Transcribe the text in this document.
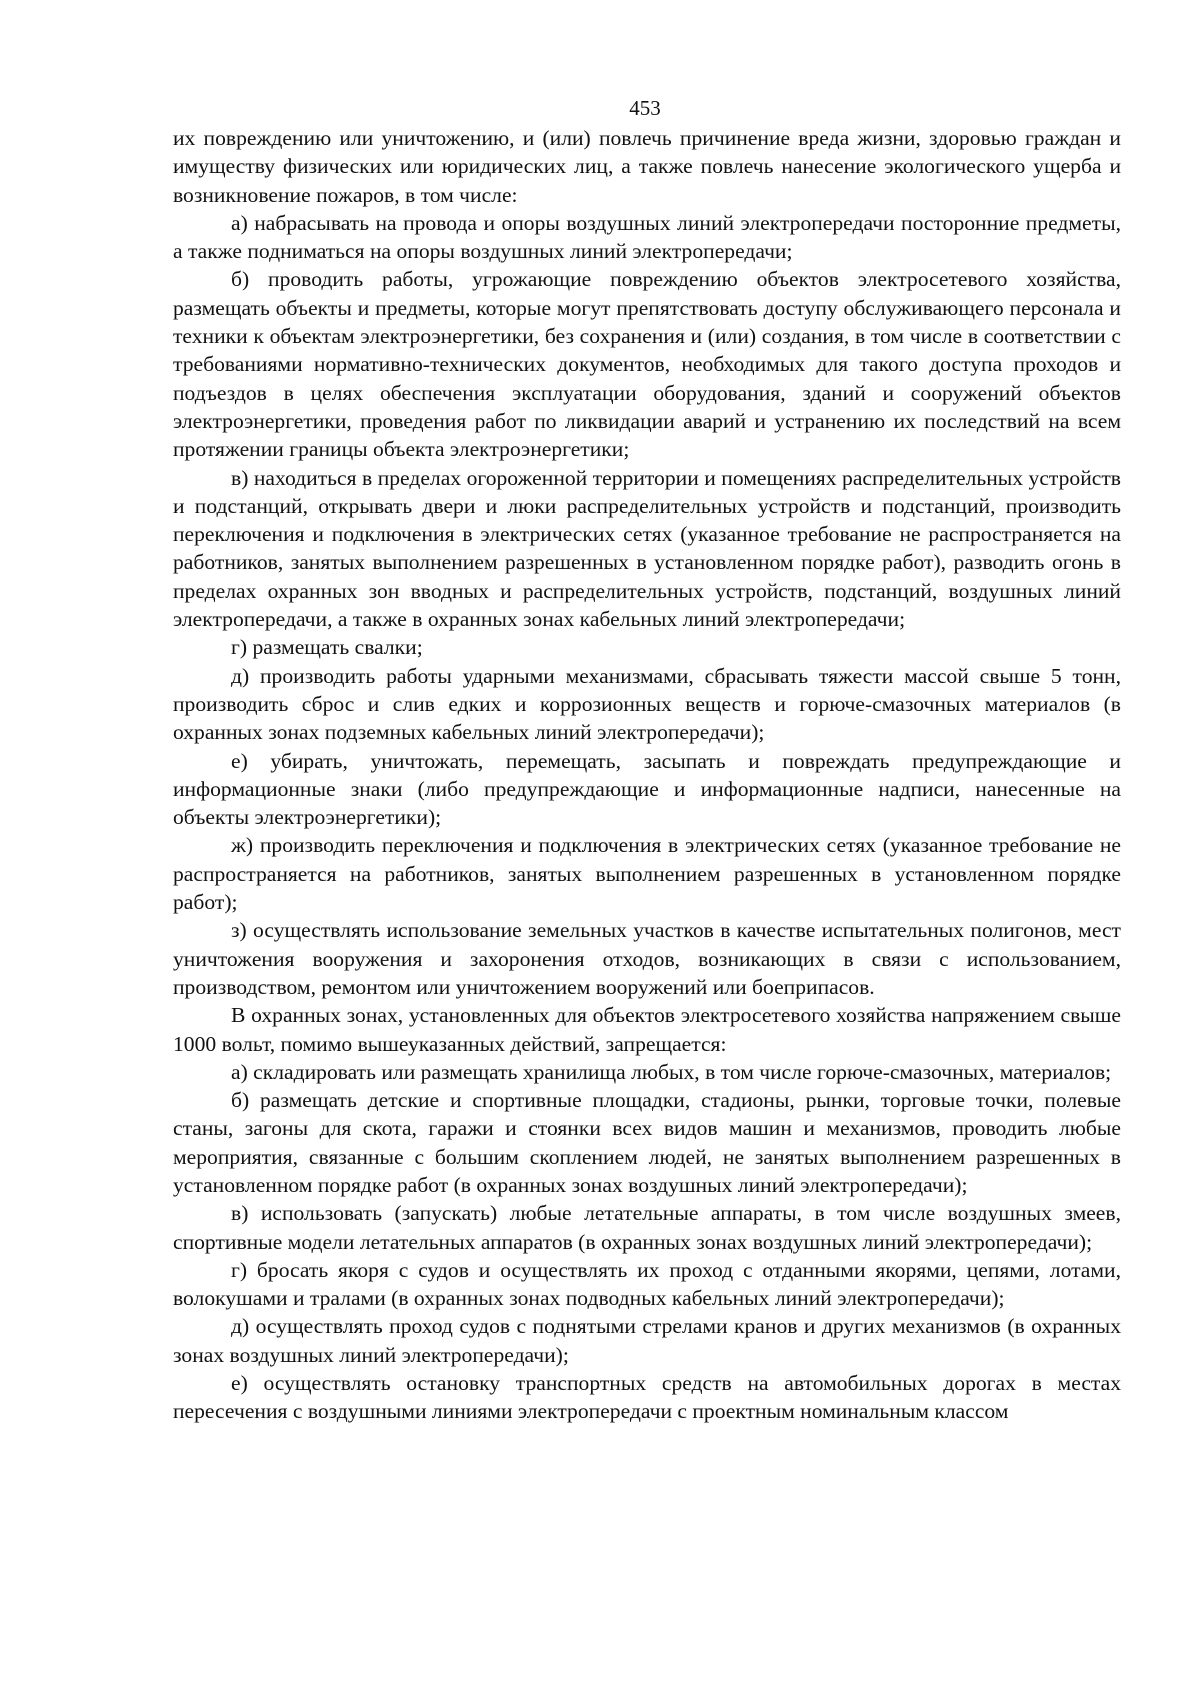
453

их повреждению или уничтожению, и (или) повлечь причинение вреда жизни, здоровью граждан и имуществу физических или юридических лиц, а также повлечь нанесение экологического ущерба и возникновение пожаров, в том числе:

а) набрасывать на провода и опоры воздушных линий электропередачи посторонние предметы, а также подниматься на опоры воздушных линий электропередачи;

б) проводить работы, угрожающие повреждению объектов электросетевого хозяйства, размещать объекты и предметы, которые могут препятствовать доступу обслуживающего персонала и техники к объектам электроэнергетики, без сохранения и (или) создания, в том числе в соответствии с требованиями нормативно-технических документов, необходимых для такого доступа проходов и подъездов в целях обеспечения эксплуатации оборудования, зданий и сооружений объектов электроэнергетики, проведения работ по ликвидации аварий и устранению их последствий на всем протяжении границы объекта электроэнергетики;

в) находиться в пределах огороженной территории и помещениях распределительных устройств и подстанций, открывать двери и люки распределительных устройств и подстанций, производить переключения и подключения в электрических сетях (указанное требование не распространяется на работников, занятых выполнением разрешенных в установленном порядке работ), разводить огонь в пределах охранных зон вводных и распределительных устройств, подстанций, воздушных линий электропередачи, а также в охранных зонах кабельных линий электропередачи;

г) размещать свалки;

д) производить работы ударными механизмами, сбрасывать тяжести массой свыше 5 тонн, производить сброс и слив едких и коррозионных веществ и горюче-смазочных материалов (в охранных зонах подземных кабельных линий электропередачи);

е) убирать, уничтожать, перемещать, засыпать и повреждать предупреждающие и информационные знаки (либо предупреждающие и информационные надписи, нанесенные на объекты электроэнергетики);

ж) производить переключения и подключения в электрических сетях (указанное требование не распространяется на работников, занятых выполнением разрешенных в установленном порядке работ);

з) осуществлять использование земельных участков в качестве испытательных полигонов, мест уничтожения вооружения и захоронения отходов, возникающих в связи с использованием, производством, ремонтом или уничтожением вооружений или боеприпасов.

В охранных зонах, установленных для объектов электросетевого хозяйства напряжением свыше 1000 вольт, помимо вышеуказанных действий, запрещается:

а) складировать или размещать хранилища любых, в том числе горюче-смазочных, материалов;

б) размещать детские и спортивные площадки, стадионы, рынки, торговые точки, полевые станы, загоны для скота, гаражи и стоянки всех видов машин и механизмов, проводить любые мероприятия, связанные с большим скоплением людей, не занятых выполнением разрешенных в установленном порядке работ (в охранных зонах воздушных линий электропередачи);

в) использовать (запускать) любые летательные аппараты, в том числе воздушных змеев, спортивные модели летательных аппаратов (в охранных зонах воздушных линий электропередачи);

г) бросать якоря с судов и осуществлять их проход с отданными якорями, цепями, лотами, волокушами и тралами (в охранных зонах подводных кабельных линий электропередачи);

д) осуществлять проход судов с поднятыми стрелами кранов и других механизмов (в охранных зонах воздушных линий электропередачи);

е) осуществлять остановку транспортных средств на автомобильных дорогах в местах пересечения с воздушными линиями электропередачи с проектным номинальным классом
